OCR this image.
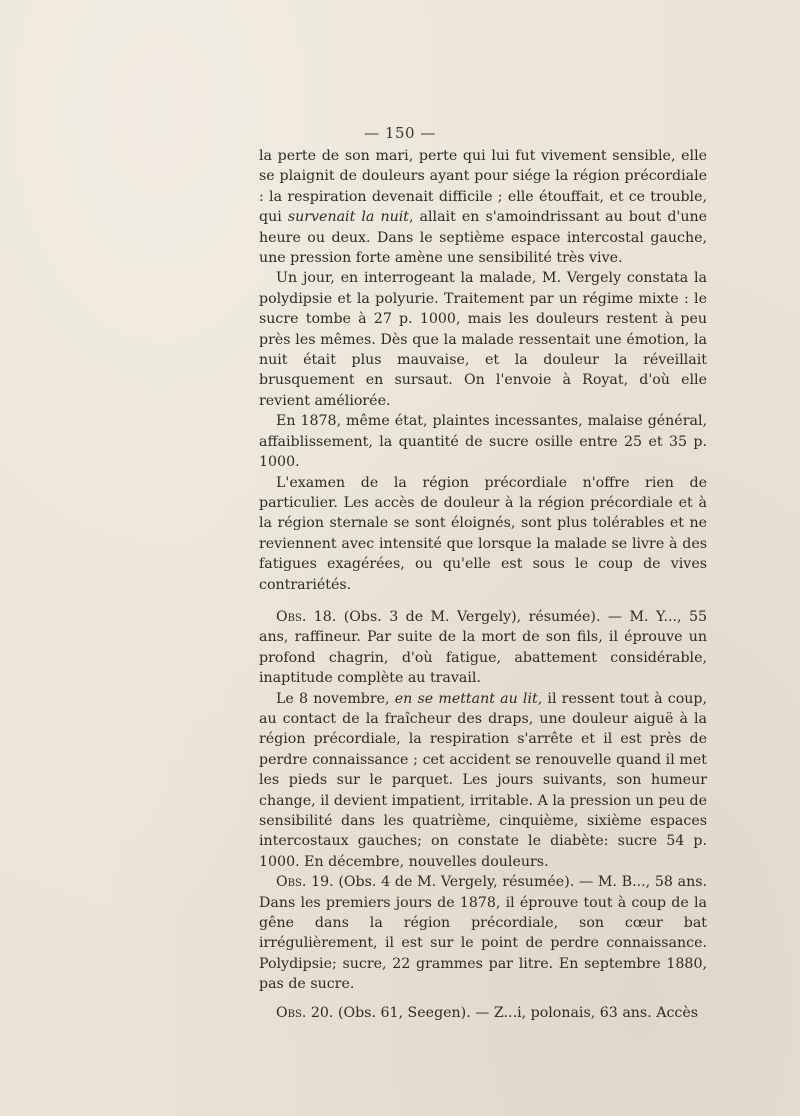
— 150 —

la perte de son mari, perte qui lui fut vivement sensible, elle se plaignit de douleurs ayant pour siége la région précordiale : la respiration devenait difficile ; elle étouffait, et ce trouble, qui survenait la nuit, allait en s'amoindrissant au bout d'une heure ou deux. Dans le septième espace intercostal gauche, une pression forte amène une sensibilité très vive.

Un jour, en interrogeant la malade, M. Vergely constata la polydipsie et la polyurie. Traitement par un régime mixte : le sucre tombe à 27 p. 1000, mais les douleurs restent à peu près les mêmes. Dès que la malade ressentait une émotion, la nuit était plus mauvaise, et la douleur la réveillait brusquement en sursaut. On l'envoie à Royat, d'où elle revient améliorée.

En 1878, même état, plaintes incessantes, malaise général, affaiblissement, la quantité de sucre osille entre 25 et 35 p. 1000.

L'examen de la région précordiale n'offre rien de particulier. Les accès de douleur à la région précordiale et à la région sternale se sont éloignés, sont plus tolérables et ne reviennent avec intensité que lorsque la malade se livre à des fatigues exagérées, ou qu'elle est sous le coup de vives contrariétés.

Obs. 18. (Obs. 3 de M. Vergely), résumée). — M. Y..., 55 ans, raffineur. Par suite de la mort de son fils, il éprouve un profond chagrin, d'où fatigue, abattement considérable, inaptitude complète au travail.

Le 8 novembre, en se mettant au lit, il ressent tout à coup, au contact de la fraîcheur des draps, une douleur aiguë à la région précordiale, la respiration s'arrête et il est près de perdre connaissance ; cet accident se renouvelle quand il met les pieds sur le parquet. Les jours suivants, son humeur change, il devient impatient, irritable. A la pression un peu de sensibilité dans les quatrième, cinquième, sixième espaces intercostaux gauches; on constate le diabète: sucre 54 p. 1000. En décembre, nouvelles douleurs.

Obs. 19. (Obs. 4 de M. Vergely, résumée). — M. B..., 58 ans. Dans les premiers jours de 1878, il éprouve tout à coup de la gêne dans la région précordiale, son cœur bat irrégulièrement, il est sur le point de perdre connaissance. Polydipsie; sucre, 22 grammes par litre. En septembre 1880, pas de sucre.

Obs. 20. (Obs. 61, Seegen). — Z...i, polonais, 63 ans. Accès
